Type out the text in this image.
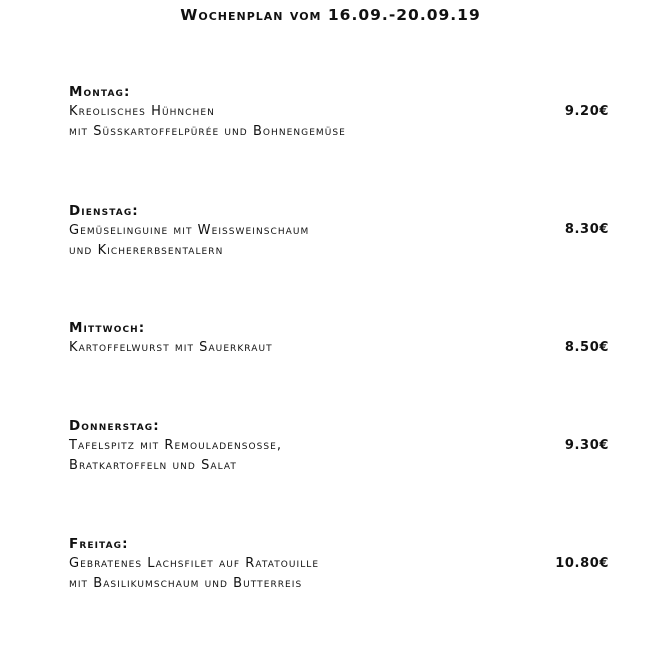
Wochenplan vom 16.09.-20.09.19
Montag:
Kreolisches Hühnchen
mit Süsskartoffelpürée und Bohnengemüse
9.20€
Dienstag:
Gemüselinguine mit Weissweinschaum
und Kichererbsentalern
8.30€
Mittwoch:
Kartoffelwurst mit Sauerkraut	8.50€
Donnerstag:
Tafelspitz mit Remouladensosse,
Bratkartoffeln und Salat
9.30€
Freitag:
Gebratenes Lachsfilet auf Ratatouille
mit Basilikumschaum und Butterreis
10.80€
